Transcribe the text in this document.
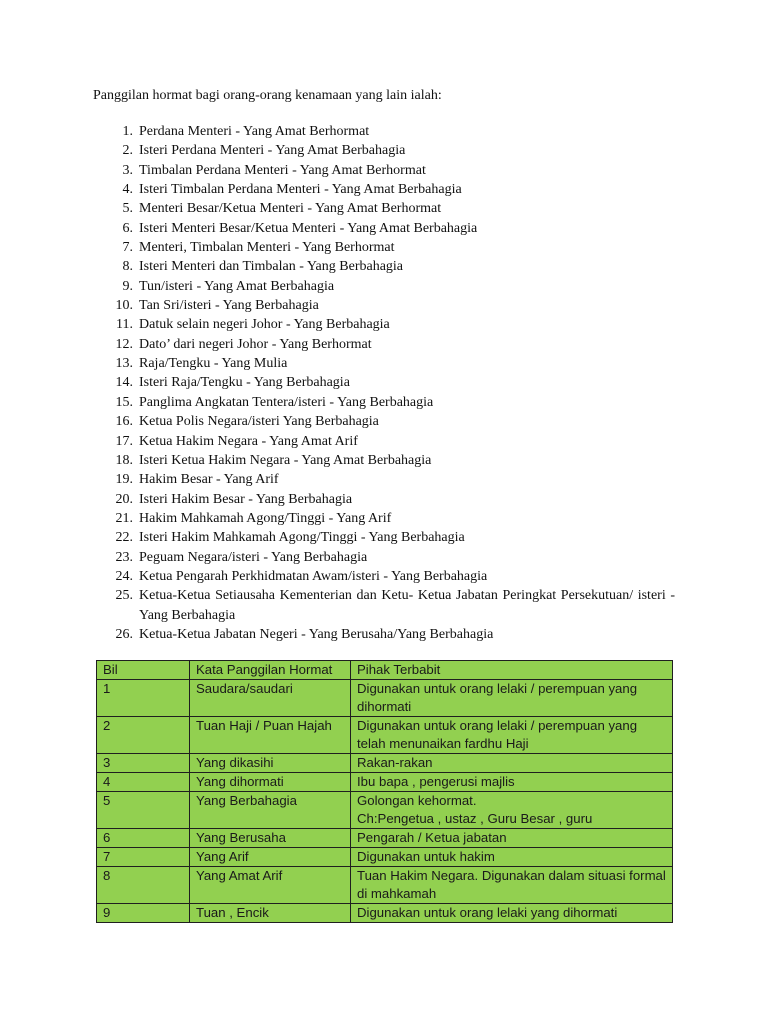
Panggilan hormat bagi orang-orang kenamaan yang lain ialah:

1. Perdana Menteri - Yang Amat Berhormat
2. Isteri Perdana Menteri - Yang Amat Berbahagia
3. Timbalan Perdana Menteri - Yang Amat Berhormat
4. Isteri Timbalan Perdana Menteri - Yang Amat Berbahagia
5. Menteri Besar/Ketua Menteri - Yang Amat Berhormat
6. Isteri Menteri Besar/Ketua Menteri - Yang Amat Berbahagia
7. Menteri, Timbalan Menteri - Yang Berhormat
8. Isteri Menteri dan Timbalan - Yang Berbahagia
9. Tun/isteri - Yang Amat Berbahagia
10. Tan Sri/isteri - Yang Berbahagia
11. Datuk selain negeri Johor - Yang Berbahagia
12. Dato’ dari negeri Johor - Yang Berhormat
13. Raja/Tengku - Yang Mulia
14. Isteri Raja/Tengku - Yang Berbahagia
15. Panglima Angkatan Tentera/isteri - Yang Berbahagia
16. Ketua Polis Negara/isteri Yang Berbahagia
17. Ketua Hakim Negara - Yang Amat Arif
18. Isteri Ketua Hakim Negara - Yang Amat Berbahagia
19. Hakim Besar - Yang Arif
20. Isteri Hakim Besar - Yang Berbahagia
21. Hakim Mahkamah Agong/Tinggi - Yang Arif
22. Isteri Hakim Mahkamah Agong/Tinggi - Yang Berbahagia
23. Peguam Negara/isteri - Yang Berbahagia
24. Ketua Pengarah Perkhidmatan Awam/isteri - Yang Berbahagia
25. Ketua-Ketua Setiausaha Kementerian dan Ketu- Ketua Jabatan Peringkat Persekutuan/ isteri - Yang Berbahagia
26. Ketua-Ketua Jabatan Negeri - Yang Berusaha/Yang Berbahagia
Bil	Kata Panggilan Hormat	Pihak Terbabit
1	Saudara/saudari	Digunakan untuk orang lelaki / perempuan yang dihormati
2	Tuan Haji / Puan Hajah	Digunakan untuk orang lelaki / perempuan yang telah menunaikan fardhu Haji
3	Yang dikasihi	Rakan-rakan
4	Yang dihormati	Ibu bapa , pengerusi majlis
5	Yang Berbahagia	Golongan kehormat.
Ch:Pengetua , ustaz , Guru Besar , guru

6	Yang Berusaha	Pengarah / Ketua jabatan
7	Yang Arif	Digunakan untuk hakim
8	Yang Amat Arif	Tuan Hakim Negara. Digunakan dalam situasi formal di mahkamah
9	Tuan , Encik	Digunakan untuk orang lelaki yang dihormati
